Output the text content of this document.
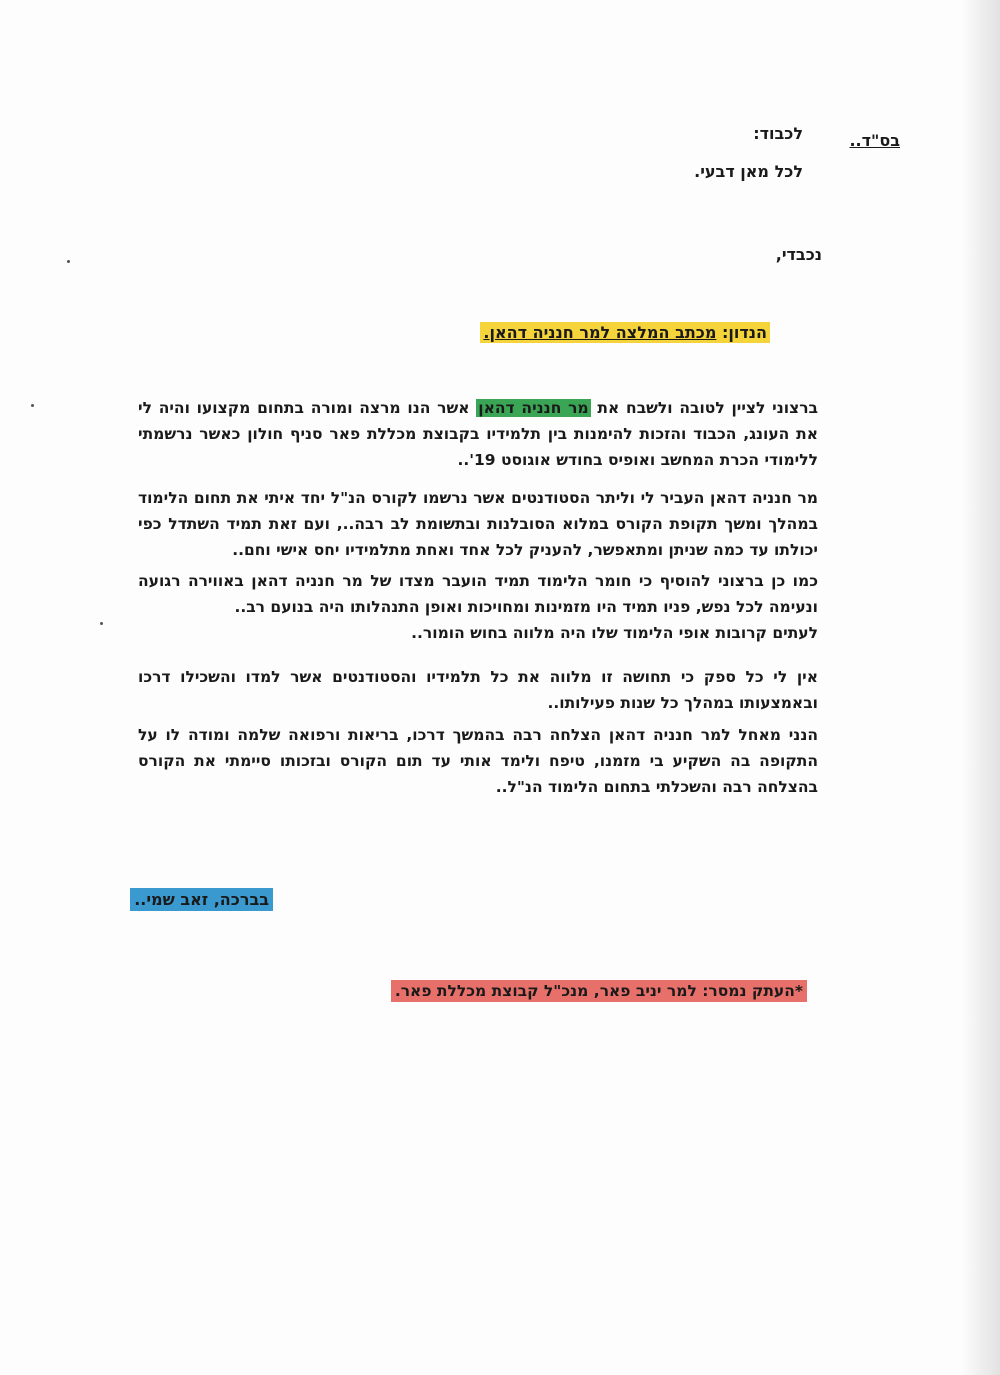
בס"ד..
לכבוד:
לכל מאן דבעי.
נכבדי,
הנדון: מכתב המלצה למר חנניה דהאן.

ברצוני לציין לטובה ולשבח את מר חנניה דהאן אשר הנו מרצה ומורה בתחום מקצועו והיה לי את העונג, הכבוד והזכות להימנות בין תלמידיו בקבוצת מכללת פאר סניף חולון כאשר נרשמתי ללימודי הכרת המחשב ואופיס בחודש אוגוסט 19'..

מר חנניה דהאן העביר לי וליתר הסטודנטים אשר נרשמו לקורס הנ"ל יחד איתי את תחום הלימוד במהלך ומשך תקופת הקורס במלוא הסובלנות ובתשומת לב רבה.., ועם זאת תמיד השתדל כפי יכולתו עד כמה שניתן ומתאפשר, להעניק לכל אחד ואחת מתלמידיו יחס אישי וחם..

כמו כן ברצוני להוסיף כי חומר הלימוד תמיד הועבר מצדו של מר חנניה דהאן באווירה רגועה ונעימה לכל נפש, פניו תמיד היו מזמינות ומחויכות ואופן התנהלותו היה בנועם רב..

לעתים קרובות אופי הלימוד שלו היה מלווה בחוש הומור..

אין לי כל ספק כי תחושה זו מלווה את כל תלמידיו והסטודנטים אשר למדו והשכילו דרכו ובאמצעותו במהלך כל שנות פעילותו..

הנני מאחל למר חנניה דהאן הצלחה רבה בהמשך דרכו, בריאות ורפואה שלמה ומודה לו על התקופה בה השקיע בי מזמנו, טיפח ולימד אותי עד תום הקורס ובזכותו סיימתי את הקורס בהצלחה רבה והשכלתי בתחום הלימוד הנ"ל..

בברכה, זאב שמי..
*העתק נמסר: למר יניב פאר, מנכ"ל קבוצת מכללת פאר.
